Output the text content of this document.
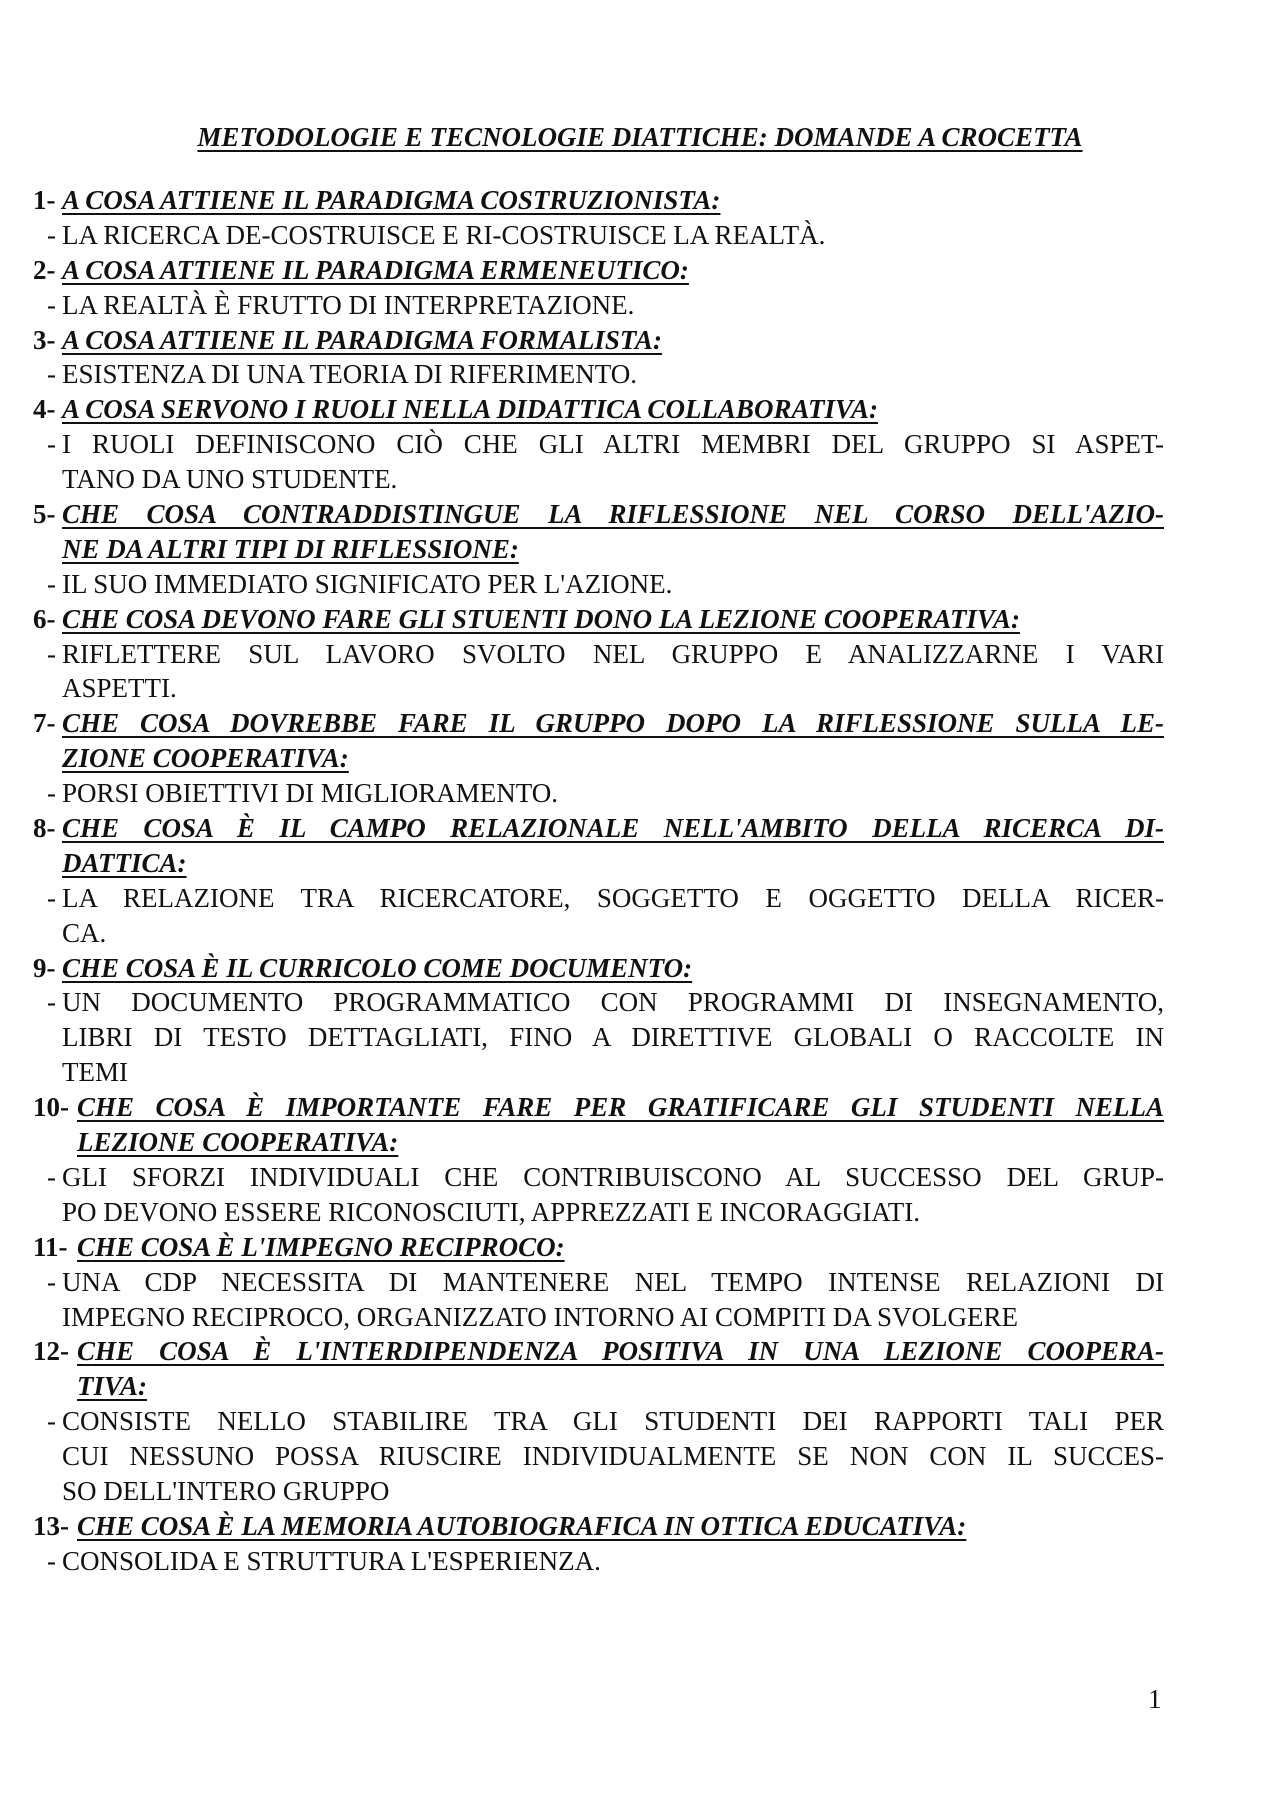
METODOLOGIE E TECNOLOGIE DIATTICHE: DOMANDE A CROCETTA
1- A COSA ATTIENE IL PARADIGMA COSTRUZIONISTA:
- LA RICERCA DE-COSTRUISCE E RI-COSTRUISCE LA REALTÀ.
2- A COSA ATTIENE IL PARADIGMA ERMENEUTICO:
- LA REALTÀ È FRUTTO DI INTERPRETAZIONE.
3- A COSA ATTIENE IL PARADIGMA FORMALISTA:
- ESISTENZA DI UNA TEORIA DI RIFERIMENTO.
4- A COSA SERVONO I RUOLI NELLA DIDATTICA COLLABORATIVA:
- I RUOLI DEFINISCONO CIÒ CHE GLI ALTRI MEMBRI DEL GRUPPO SI ASPET-
TANO DA UNO STUDENTE.
5- CHE COSA CONTRADDISTINGUE LA RIFLESSIONE NEL CORSO DELL'AZIO-
NE DA ALTRI TIPI DI RIFLESSIONE:
- IL SUO IMMEDIATO SIGNIFICATO PER L'AZIONE.
6- CHE COSA DEVONO FARE GLI STUENTI DONO LA LEZIONE COOPERATIVA:
- RIFLETTERE SUL LAVORO SVOLTO NEL GRUPPO E ANALIZZARNE I VARI
ASPETTI.
7- CHE COSA DOVREBBE FARE IL GRUPPO DOPO LA RIFLESSIONE SULLA LE-
ZIONE COOPERATIVA:
- PORSI OBIETTIVI DI MIGLIORAMENTO.
8- CHE COSA È IL CAMPO RELAZIONALE NELL'AMBITO DELLA RICERCA DI-
DATTICA:
- LA RELAZIONE TRA RICERCATORE, SOGGETTO E OGGETTO DELLA RICER-
CA.
9- CHE COSA È IL CURRICOLO COME DOCUMENTO:
- UN DOCUMENTO PROGRAMMATICO CON PROGRAMMI DI INSEGNAMENTO,
LIBRI DI TESTO DETTAGLIATI, FINO A DIRETTIVE GLOBALI O RACCOLTE IN
TEMI
10- CHE COSA È IMPORTANTE FARE PER GRATIFICARE GLI STUDENTI NELLA
LEZIONE COOPERATIVA:
- GLI SFORZI INDIVIDUALI CHE CONTRIBUISCONO AL SUCCESSO DEL GRUP-
PO DEVONO ESSERE RICONOSCIUTI, APPREZZATI E INCORAGGIATI.
11- CHE COSA È L'IMPEGNO RECIPROCO:
- UNA CDP NECESSITA DI MANTENERE NEL TEMPO INTENSE RELAZIONI DI
IMPEGNO RECIPROCO, ORGANIZZATO INTORNO AI COMPITI DA SVOLGERE
12- CHE COSA È L'INTERDIPENDENZA POSITIVA IN UNA LEZIONE COOPERA-
TIVA:
- CONSISTE NELLO STABILIRE TRA GLI STUDENTI DEI RAPPORTI TALI PER
CUI NESSUNO POSSA RIUSCIRE INDIVIDUALMENTE SE NON CON IL SUCCES-
SO DELL'INTERO GRUPPO
13- CHE COSA È LA MEMORIA AUTOBIOGRAFICA IN OTTICA EDUCATIVA:
- CONSOLIDA E STRUTTURA L'ESPERIENZA.
1
